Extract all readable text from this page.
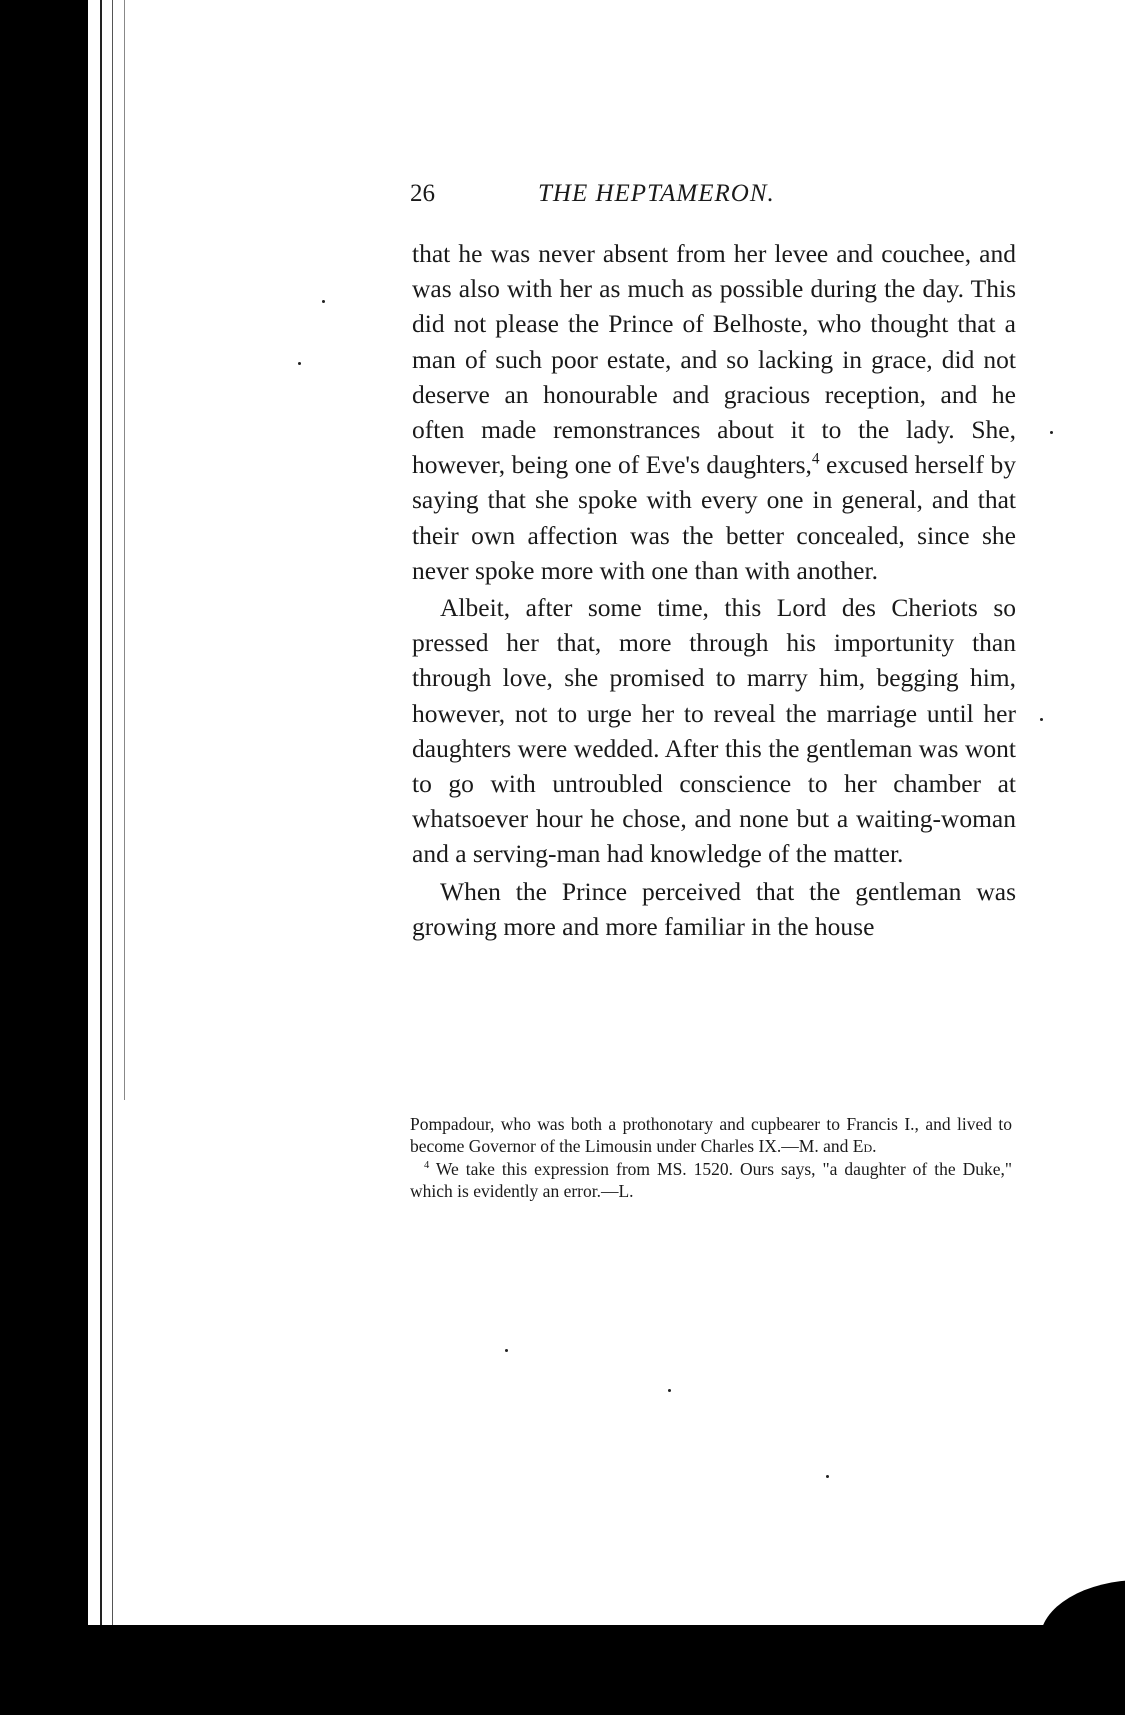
26	THE HEPTAMERON.

that he was never absent from her levee and couchee, and was also with her as much as possible during the day. This did not please the Prince of Belhoste, who thought that a man of such poor estate, and so lacking in grace, did not deserve an honourable and gracious reception, and he often made remonstrances about it to the lady. She, however, being one of Eve's daughters,$^4$ excused herself by saying that she spoke with every one in general, and that their own affection was the better concealed, since she never spoke more with one than with another.

Albeit, after some time, this Lord des Cheriots so pressed her that, more through his importunity than through love, she promised to marry him, begging him, however, not to urge her to reveal the marriage until her daughters were wedded. After this the gentleman was wont to go with untroubled conscience to her chamber at whatsoever hour he chose, and none but a waiting-woman and a serving-man had knowledge of the matter.

When the Prince perceived that the gentleman was growing more and more familiar in the house

Pompadour, who was both a prothonotary and cupbearer to Francis I., and lived to become Governor of the Limousin under Charles IX.—M. and Ed.

$^4$ We take this expression from MS. 1520. Ours says, "a daughter of the Duke," which is evidently an error.—L.
